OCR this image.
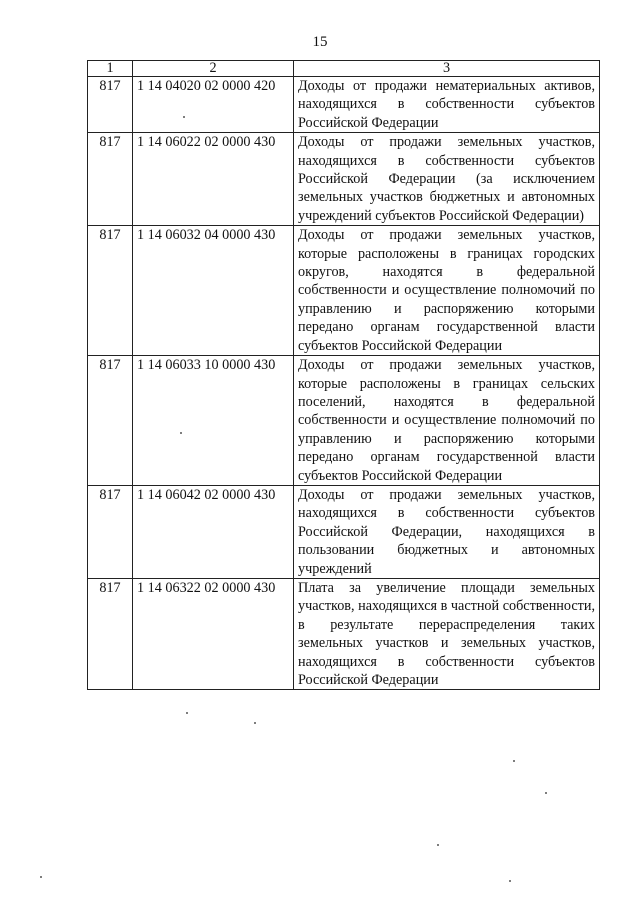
15
1	2	3
817	1 14 04020 02 0000 420	Доходы от продажи нематериальных активов, находящихся в собственности субъектов Российской Федерации
817	1 14 06022 02 0000 430	Доходы от продажи земельных участков, находящихся в собственности субъектов Российской Федерации (за исключением земельных участков бюджетных и автономных учреждений субъектов Российской Федерации)
817	1 14 06032 04 0000 430	Доходы от продажи земельных участков, которые расположены в границах городских округов, находятся в федеральной собственности и осуществление полномочий по управлению и распоряжению которыми передано органам государственной власти субъектов Российской Федерации
817	1 14 06033 10 0000 430	Доходы от продажи земельных участков, которые расположены в границах сельских поселений, находятся в федеральной собственности и осуществление полномочий по управлению и распоряжению которыми передано органам государственной власти субъектов Российской Федерации
817	1 14 06042 02 0000 430	Доходы от продажи земельных участков, находящихся в собственности субъектов Российской Федерации, находящихся в пользовании бюджетных и автономных учреждений
817	1 14 06322 02 0000 430	Плата за увеличение площади земельных участков, находящихся в частной собственности, в результате перераспределения таких земельных участков и земельных участков, находящихся в собственности субъектов Российской Федерации
